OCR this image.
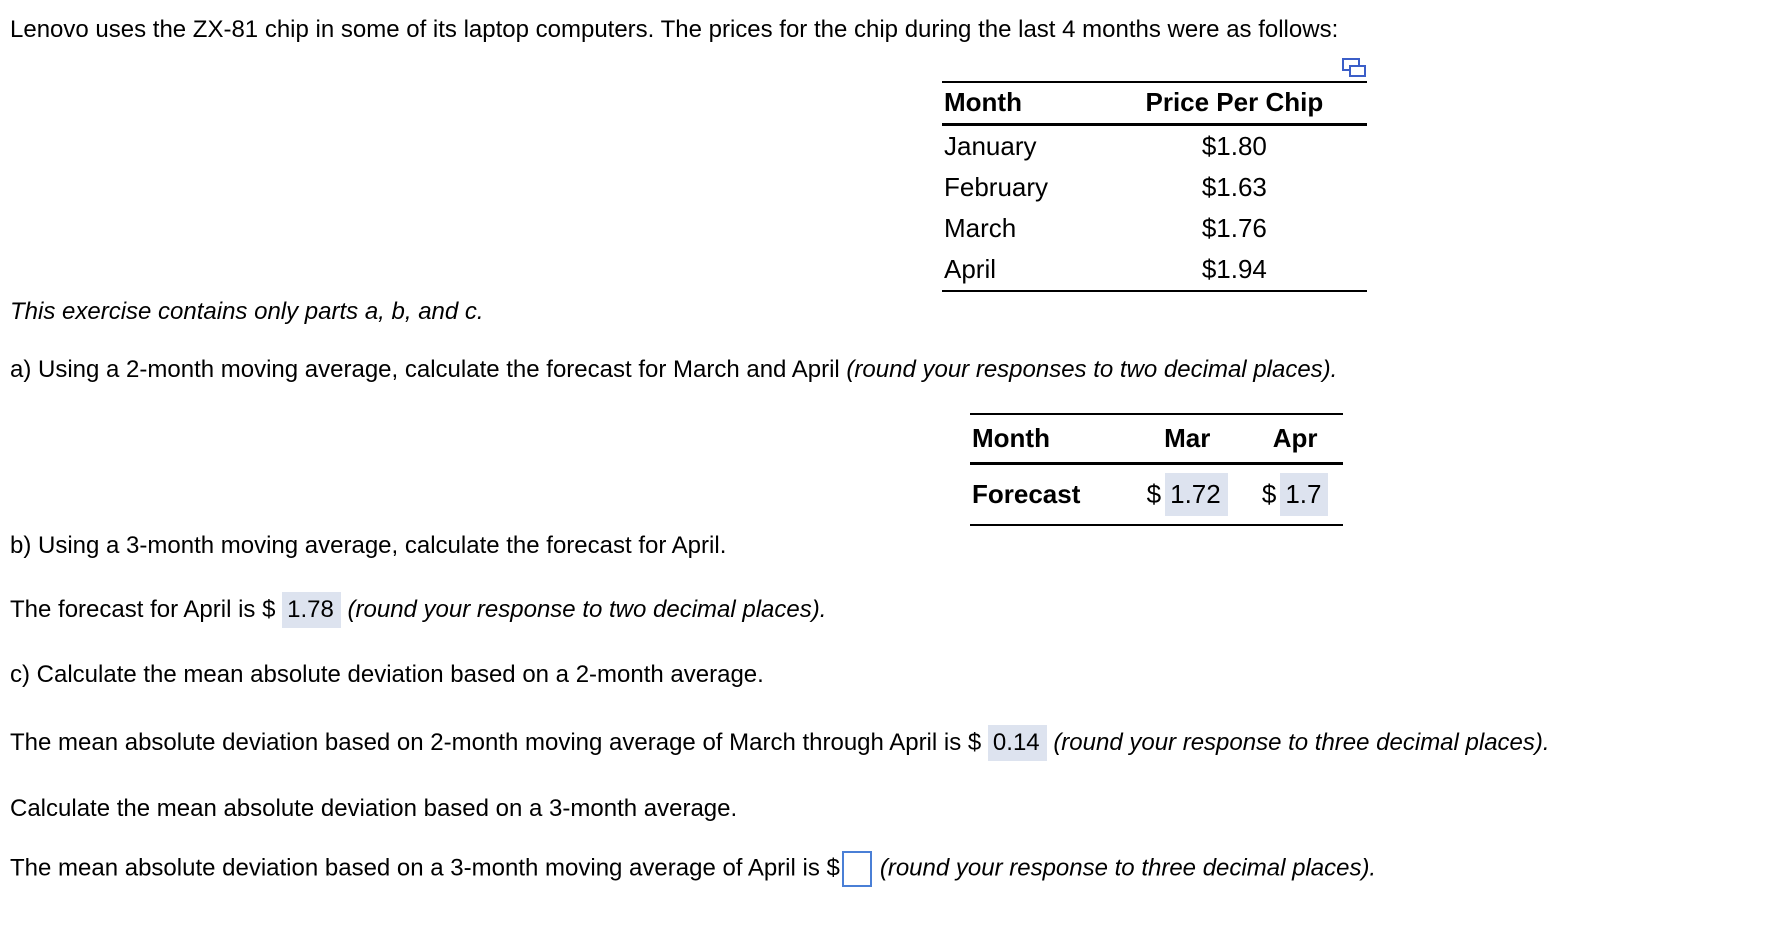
Lenovo uses the ZX-81 chip in some of its laptop computers. The prices for the chip during the last 4 months were as follows:
Month	Price Per Chip
January	$1.80
February	$1.63
March	$1.76
April	$1.94
This exercise contains only parts a, b, and c.
a) Using a 2-month moving average, calculate the forecast for March and April (round your responses to two decimal places).
Month	Mar	Apr
Forecast	$ 1.72	$ 1.7
b) Using a 3-month moving average, calculate the forecast for April.
The forecast for April is $ 1.78 (round your response to two decimal places).
c) Calculate the mean absolute deviation based on a 2-month average.
The mean absolute deviation based on 2-month moving average of March through April is $ 0.14 (round your response to three decimal places).
Calculate the mean absolute deviation based on a 3-month average.
The mean absolute deviation based on a 3-month moving average of April is $ (round your response to three decimal places).
